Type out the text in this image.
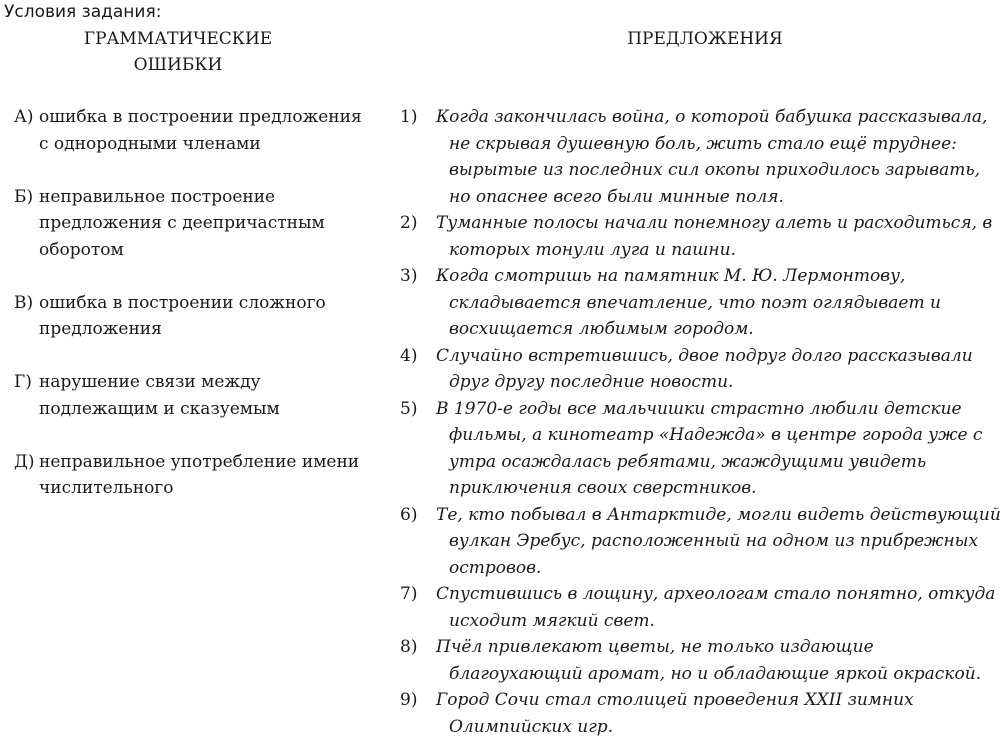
Условия задания:
ГРАММАТИЧЕСКИЕ ОШИБКИ
ПРЕДЛОЖЕНИЯ
А) ошибка в построении предложения с однородными членами
Б) неправильное построение предложения с деепричастным оборотом
В) ошибка в построении сложного предложения
Г) нарушение связи между подлежащим и сказуемым
Д) неправильное употребление имени числительного
1) Когда закончилась война, о которой бабушка рассказывала, не скрывая душевную боль, жить стало ещё труднее: вырытые из последних сил окопы приходилось зарывать, но опаснее всего были минные поля.
2) Туманные полосы начали понемногу алеть и расходиться, в которых тонули луга и пашни.
3) Когда смотришь на памятник М. Ю. Лермонтову, складывается впечатление, что поэт оглядывает и восхищается любимым городом.
4) Случайно встретившись, двое подруг долго рассказывали друг другу последние новости.
5) В 1970-е годы все мальчишки страстно любили детские фильмы, а кинотеатр «Надежда» в центре города уже с утра осаждалась ребятами, жаждущими увидеть приключения своих сверстников.
6) Те, кто побывал в Антарктиде, могли видеть действующий вулкан Эребус, расположенный на одном из прибрежных островов.
7) Спустившись в лощину, археологам стало понятно, откуда исходит мягкий свет.
8) Пчёл привлекают цветы, не только издающие благоухающий аромат, но и обладающие яркой окраской.
9) Город Сочи стал столицей проведения XXII зимних Олимпийских игр.
